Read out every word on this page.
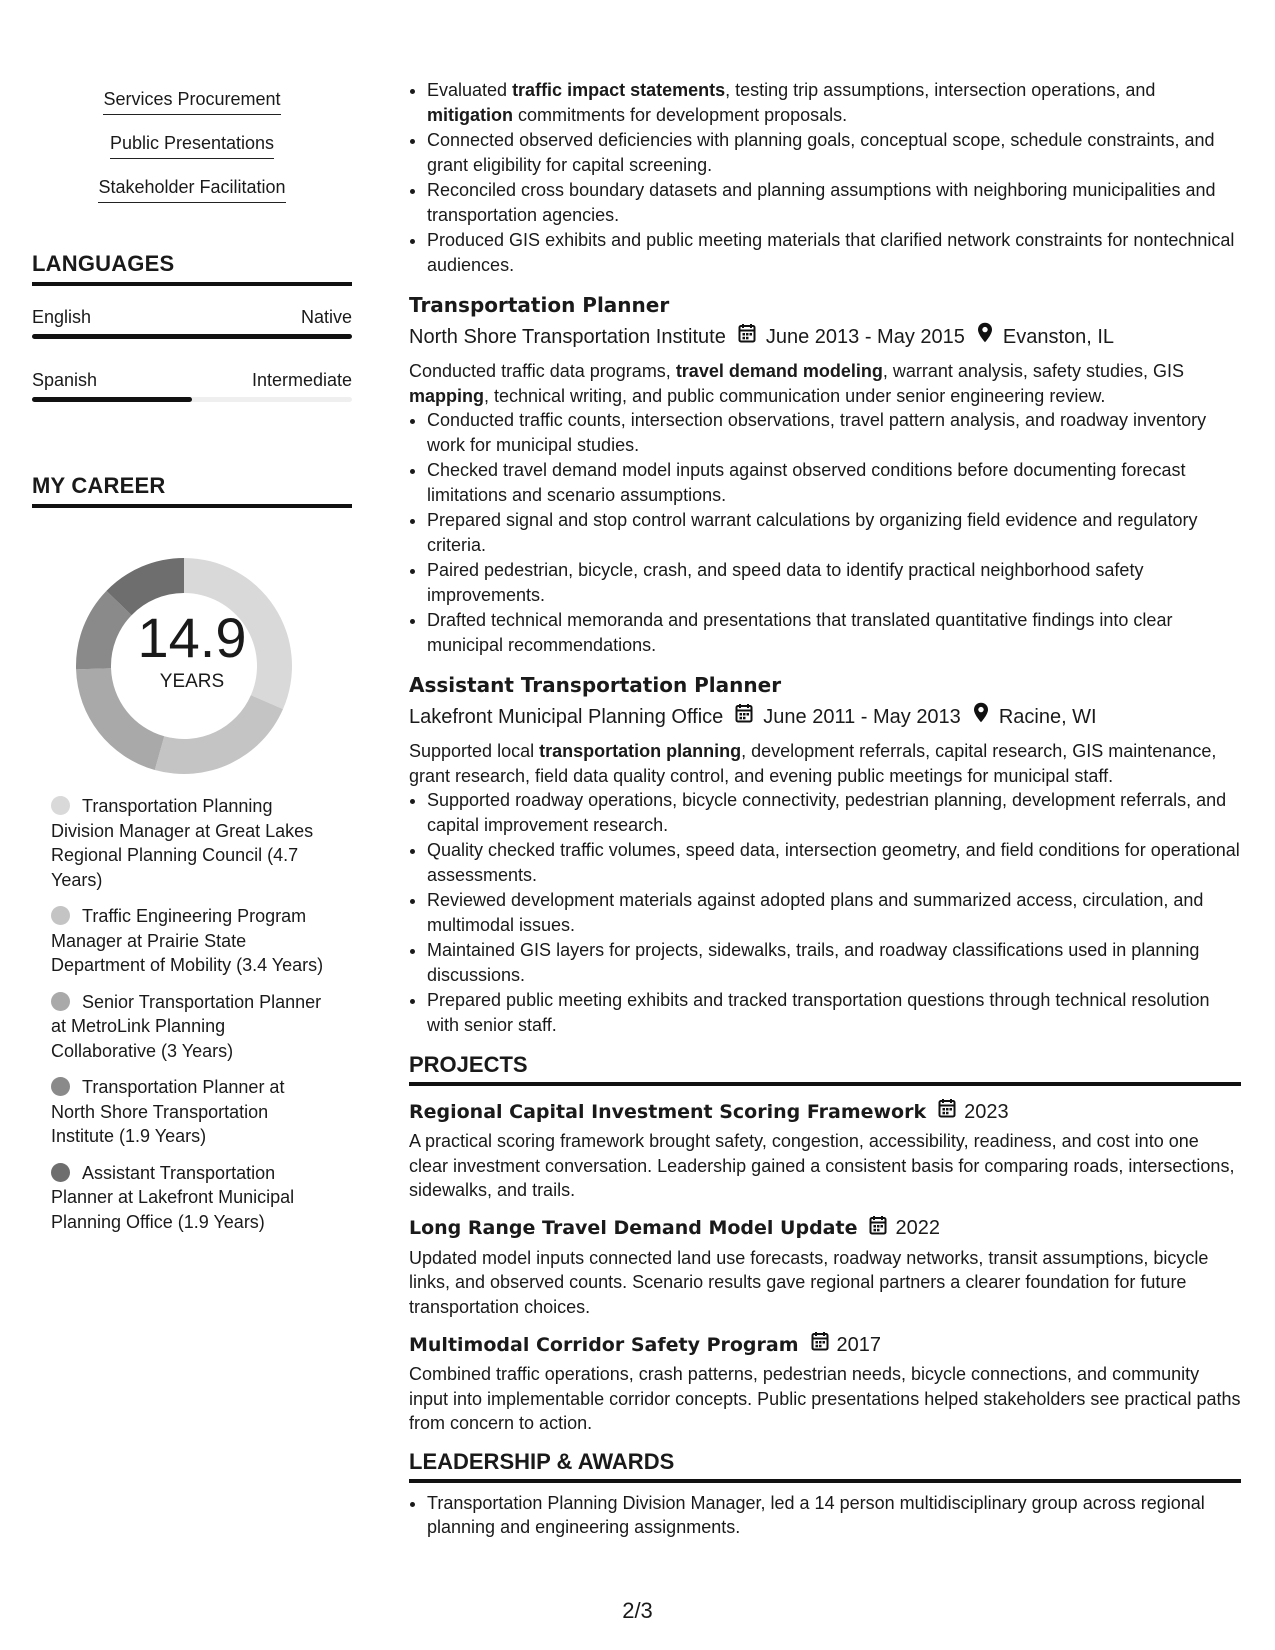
Services Procurement
Public Presentations
Stakeholder Facilitation
LANGUAGES
English	Native
Spanish	Intermediate
MY CAREER
14.9
YEARS
Transportation Planning Division Manager at Great Lakes Regional Planning Council (4.7 Years)
Traffic Engineering Program Manager at Prairie State Department of Mobility (3.4 Years)
Senior Transportation Planner at MetroLink Planning Collaborative (3 Years)
Transportation Planner at North Shore Transportation Institute (1.9 Years)
Assistant Transportation Planner at Lakefront Municipal Planning Office (1.9 Years)
• Evaluated traffic impact statements, testing trip assumptions, intersection operations, and mitigation commitments for development proposals.
• Connected observed deficiencies with planning goals, conceptual scope, schedule constraints, and grant eligibility for capital screening.
• Reconciled cross boundary datasets and planning assumptions with neighboring municipalities and transportation agencies.
• Produced GIS exhibits and public meeting materials that clarified network constraints for nontechnical audiences.
Transportation Planner
North Shore Transportation Institute June 2013 - May 2015 Evanston, IL
Conducted traffic data programs, travel demand modeling, warrant analysis, safety studies, GIS mapping, technical writing, and public communication under senior engineering review.
• Conducted traffic counts, intersection observations, travel pattern analysis, and roadway inventory work for municipal studies.
• Checked travel demand model inputs against observed conditions before documenting forecast limitations and scenario assumptions.
• Prepared signal and stop control warrant calculations by organizing field evidence and regulatory criteria.
• Paired pedestrian, bicycle, crash, and speed data to identify practical neighborhood safety improvements.
• Drafted technical memoranda and presentations that translated quantitative findings into clear municipal recommendations.
Assistant Transportation Planner
Lakefront Municipal Planning Office June 2011 - May 2013 Racine, WI
Supported local transportation planning, development referrals, capital research, GIS maintenance, grant research, field data quality control, and evening public meetings for municipal staff.
• Supported roadway operations, bicycle connectivity, pedestrian planning, development referrals, and capital improvement research.
• Quality checked traffic volumes, speed data, intersection geometry, and field conditions for operational assessments.
• Reviewed development materials against adopted plans and summarized access, circulation, and multimodal issues.
• Maintained GIS layers for projects, sidewalks, trails, and roadway classifications used in planning discussions.
• Prepared public meeting exhibits and tracked transportation questions through technical resolution with senior staff.
PROJECTS
Regional Capital Investment Scoring Framework 2023
A practical scoring framework brought safety, congestion, accessibility, readiness, and cost into one clear investment conversation. Leadership gained a consistent basis for comparing roads, intersections, sidewalks, and trails.
Long Range Travel Demand Model Update 2022
Updated model inputs connected land use forecasts, roadway networks, transit assumptions, bicycle links, and observed counts. Scenario results gave regional partners a clearer foundation for future transportation choices.
Multimodal Corridor Safety Program 2017
Combined traffic operations, crash patterns, pedestrian needs, bicycle connections, and community input into implementable corridor concepts. Public presentations helped stakeholders see practical paths from concern to action.
LEADERSHIP & AWARDS
• Transportation Planning Division Manager, led a 14 person multidisciplinary group across regional planning and engineering assignments.
2/3
